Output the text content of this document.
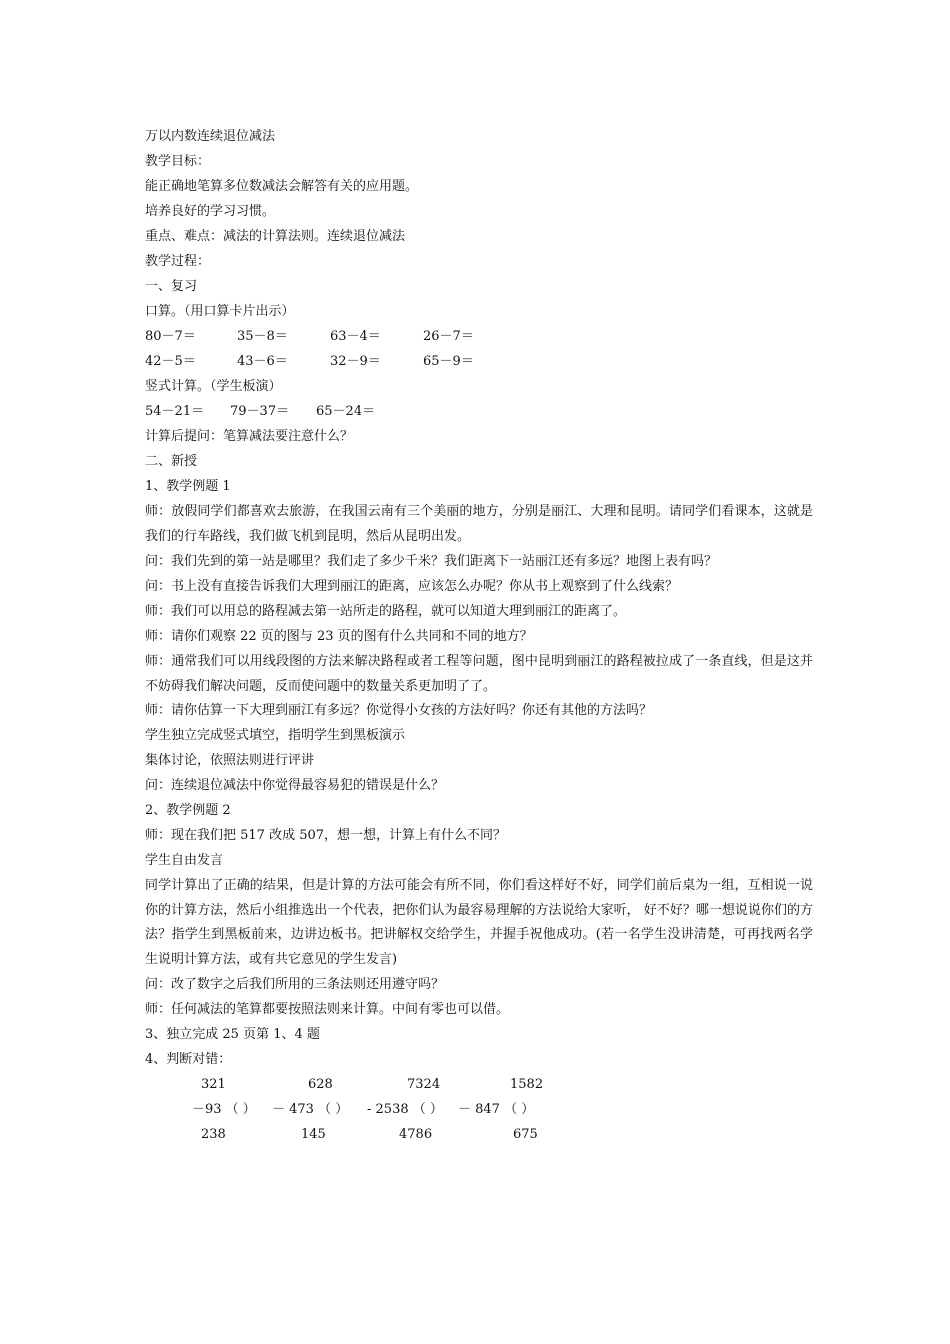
万以内数连续退位减法
教学目标：
能正确地笔算多位数减法会解答有关的应用题。
培养良好的学习习惯。
重点、难点：减法的计算法则。连续退位减法
教学过程：
一、复习
口算。（用口算卡片出示）
80－7＝	35－8＝	63－4＝	26－7＝
42－5＝	43－6＝	32－9＝	65－9＝
竖式计算。（学生板演）
54－21＝ 79－37＝ 65－24＝
计算后提问：笔算减法要注意什么？
二、新授
1、教学例题 1
师：放假同学们都喜欢去旅游，在我国云南有三个美丽的地方，分别是丽江、大理和昆明。请同学们看课本，这就是我们的行车路线，我们做飞机到昆明，然后从昆明出发。
问：我们先到的第一站是哪里？我们走了多少千米？我们距离下一站丽江还有多远？地图上表有吗？
问：书上没有直接告诉我们大理到丽江的距离，应该怎么办呢？你从书上观察到了什么线索？
师：我们可以用总的路程减去第一站所走的路程，就可以知道大理到丽江的距离了。
师：请你们观察 22 页的图与 23 页的图有什么共同和不同的地方？
师：通常我们可以用线段图的方法来解决路程或者工程等问题，图中昆明到丽江的路程被拉成了一条直线，但是这并不妨碍我们解决问题，反而使问题中的数量关系更加明了了。
师：请你估算一下大理到丽江有多远？你觉得小女孩的方法好吗？你还有其他的方法吗？
学生独立完成竖式填空，指明学生到黑板演示
集体讨论，依照法则进行评讲
问：连续退位减法中你觉得最容易犯的错误是什么？
2、教学例题 2
师：现在我们把 517 改成 507，想一想，计算上有什么不同？
学生自由发言
同学计算出了正确的结果，但是计算的方法可能会有所不同，你们看这样好不好，同学们前后桌为一组，互相说一说你的计算方法，然后小组推选出一个代表，把你们认为最容易理解的方法说给大家听， 好不好？哪一想说说你们的方法？指学生到黑板前来，边讲边板书。把讲解权交给学生，并握手祝他成功。(若一名学生没讲清楚，可再找两名学生说明计算方法，或有共它意见的学生发言)
问：改了数字之后我们所用的三条法则还用遵守吗？
师：任何减法的笔算都要按照法则来计算。中间有零也可以借。
3、独立完成 25 页第 1、4 题
4、判断对错：
321	628	7324	1582
－93 （ ） － 473 （ ） - 2538 （ ） － 847 （ ）
238	145	4786	675
